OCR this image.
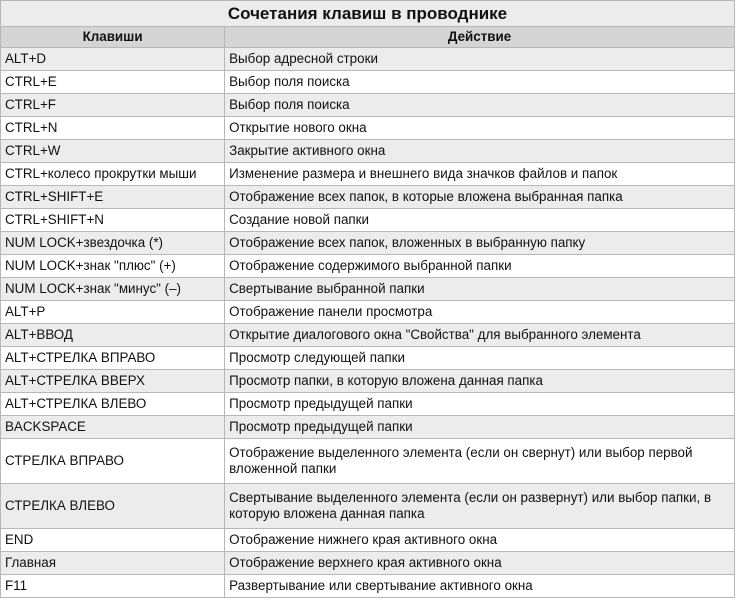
Сочетания клавиш в проводнике	
Клавиши	Действие
ALT+D	Выбор адресной строки
CTRL+E	Выбор поля поиска
CTRL+F	Выбор поля поиска
CTRL+N	Открытие нового окна
CTRL+W	Закрытие активного окна
CTRL+колесо прокрутки мыши	Изменение размера и внешнего вида значков файлов и папок
CTRL+SHIFT+E	Отображение всех папок, в которые вложена выбранная папка
CTRL+SHIFT+N	Создание новой папки
NUM LOCK+звездочка (*)	Отображение всех папок, вложенных в выбранную папку
NUM LOCK+знак "плюс" (+)	Отображение содержимого выбранной папки
NUM LOCK+знак "минус" (–)	Свертывание выбранной папки
ALT+P	Отображение панели просмотра
ALT+ВВОД	Открытие диалогового окна "Свойства" для выбранного элемента
ALT+СТРЕЛКА ВПРАВО	Просмотр следующей папки
ALT+СТРЕЛКА ВВЕРХ	Просмотр папки, в которую вложена данная папка
ALT+СТРЕЛКА ВЛЕВО	Просмотр предыдущей папки
BACKSPACE	Просмотр предыдущей папки
СТРЕЛКА ВПРАВО	Отображение выделенного элемента (если он свернут) или выбор первой вложенной папки
СТРЕЛКА ВЛЕВО	Свертывание выделенного элемента (если он развернут) или выбор папки, в которую вложена данная папка
END	Отображение нижнего края активного окна
Главная	Отображение верхнего края активного окна
F11	Развертывание или свертывание активного окна
